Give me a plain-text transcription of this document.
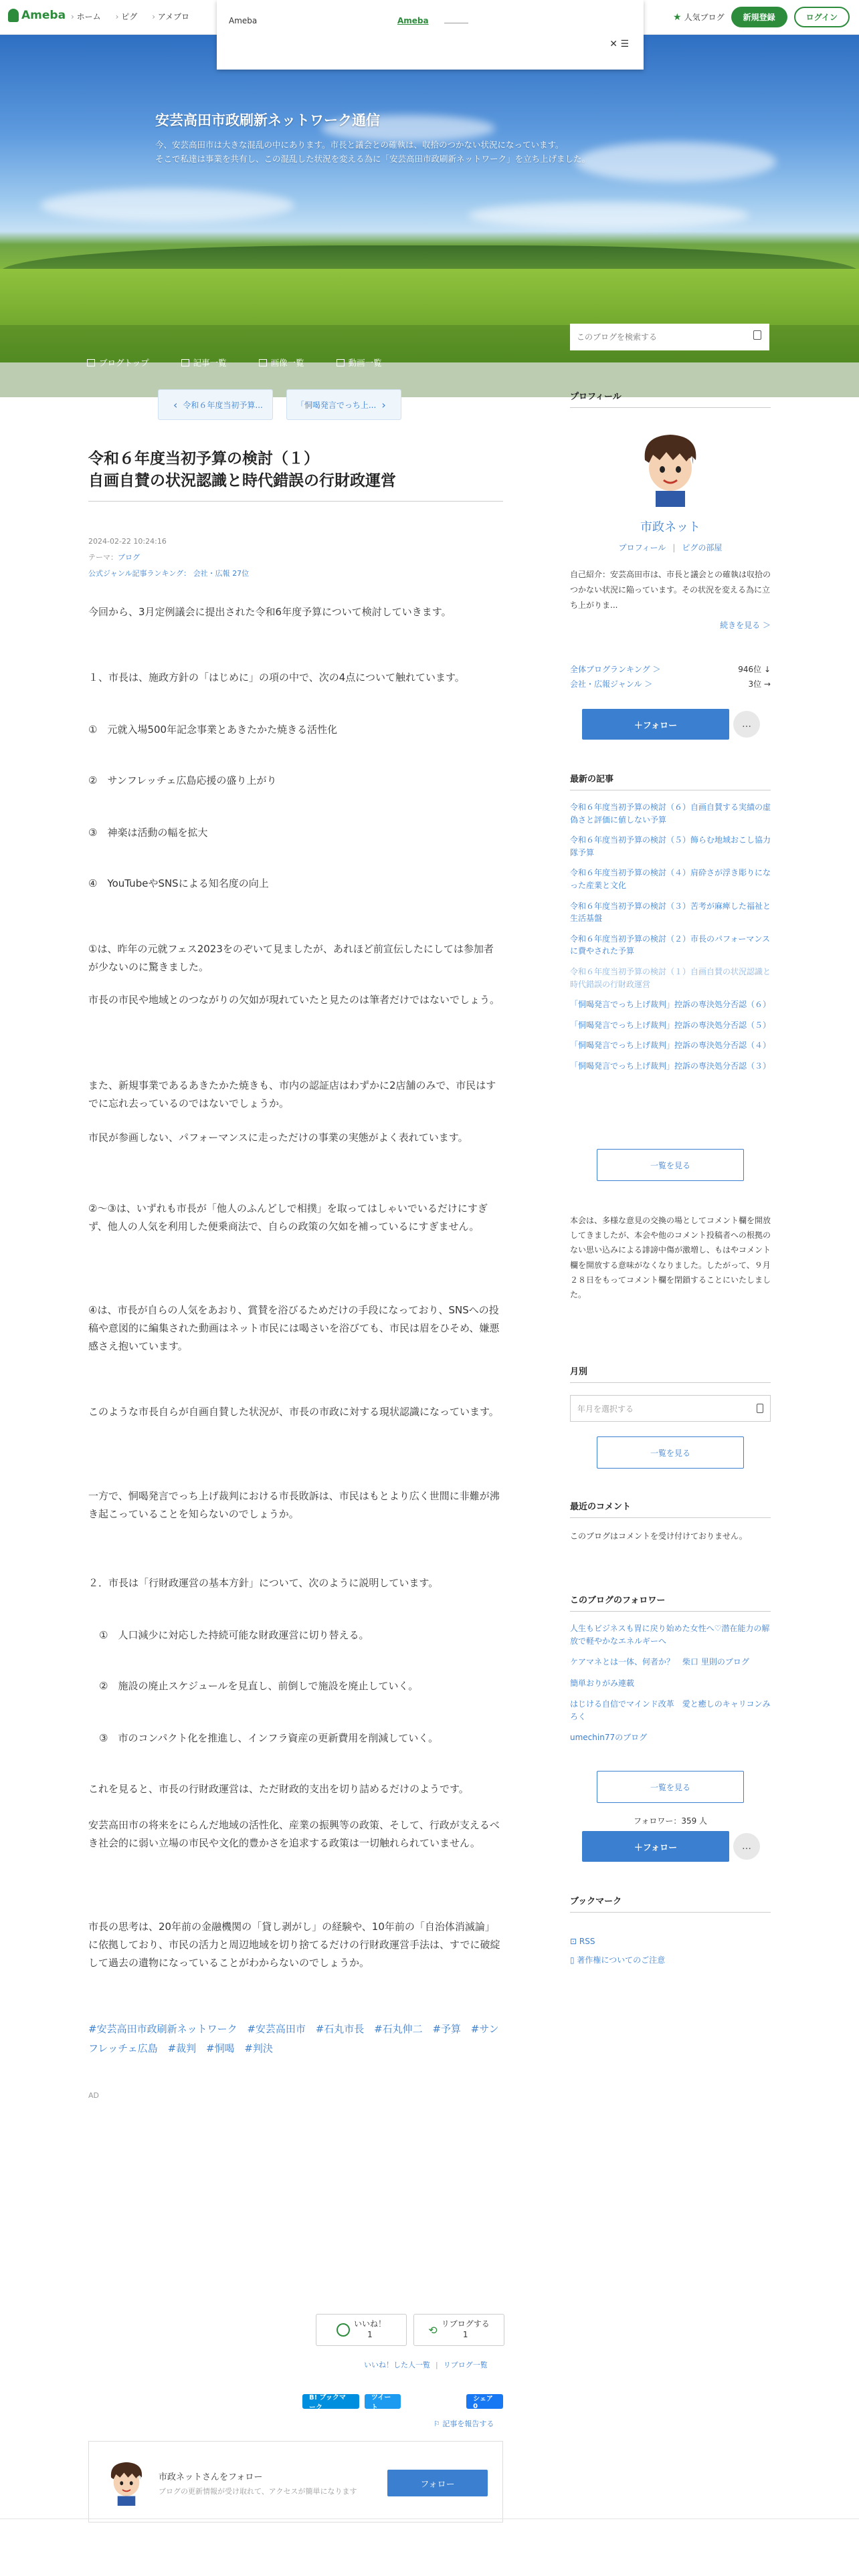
Ameba	› ホーム	› ピグ	› アメブロ	★ 人気ブログ	新規登録	ログイン
Ameba	Ameba
✕ ☰
安芸高田市政刷新ネットワーク通信
今、安芸高田市は大きな混乱の中にあります。市長と議会との確執は、収拾のつかない状況になっています。
そこで私達は事業を共有し、この混乱した状況を変える為に「安芸高田市政刷新ネットワーク」を立ち上げました。
ブログトップ	記事一覧	画像一覧	動画一覧
このブログを検索する
‹ 令和６年度当初予算...	「恫喝発言でっち上... ›
令和６年度当初予算の検討（１）
自画自賛の状況認識と時代錯誤の行財政運営
2024-02-22 10:24:16
テーマ：ブログ
公式ジャンル記事ランキング： 会社・広報 27位

今回から、3月定例議会に提出された令和6年度予算について検討していきます。

１、市長は、施政方針の「はじめに」の項の中で、次の4点について触れています。

①　元就入場500年記念事業とあきたかた焼きる活性化

②　サンフレッチェ広島応援の盛り上がり

③　神楽は活動の幅を拡大

④　YouTubeやSNSによる知名度の向上

①は、昨年の元就フェス2023をのぞいて見ましたが、あれほど前宣伝したにしては参加者が少ないのに驚きました。

市長の市民や地域とのつながりの欠如が現れていたと見たのは筆者だけではないでしょう。

また、新規事業であるあきたかた焼きも、市内の認証店はわずかに2店舗のみで、市民はすでに忘れ去っているのではないでしょうか。

市民が参画しない、パフォーマンスに走っただけの事業の実態がよく表れています。

②〜③は、いずれも市長が「他人のふんどしで相撲」を取ってはしゃいでいるだけにすぎず、他人の人気を利用した便乗商法で、自らの政策の欠如を補っているにすぎません。

④は、市長が自らの人気をあおり、賞賛を浴びるためだけの手段になっており、SNSへの投稿や意図的に編集された動画はネット市民には喝さいを浴びても、市民は眉をひそめ、嫌悪感さえ抱いています。

このような市長自らが自画自賛した状況が、市長の市政に対する現状認識になっています。

一方で、恫喝発言でっち上げ裁判における市長敗訴は、市民はもとより広く世間に非難が沸き起こっていることを知らないのでしょうか。

２．市長は「行財政運営の基本方針」について、次のように説明しています。

①　人口減少に対応した持続可能な財政運営に切り替える。

②　施設の廃止スケジュールを見直し、前倒しで施設を廃止していく。

③　市のコンパクト化を推進し、インフラ資産の更新費用を削減していく。

これを見ると、市長の行財政運営は、ただ財政的支出を切り詰めるだけのようです。

安芸高田市の将来をにらんだ地域の活性化、産業の振興等の政策、そして、行政が支えるべき社会的に弱い立場の市民や文化的豊かさを追求する政策は一切触れられていません。

市長の思考は、20年前の金融機関の「貸し剥がし」の経験や、10年前の「自治体消滅論」に依拠しており、市民の活力と周辺地域を切り捨てるだけの行財政運営手法は、すでに破綻して過去の遺物になっていることがわからないのでしょうか。

#安芸高田市政刷新ネットワーク #安芸高田市 #石丸市長 #石丸伸二 #予算 #サンフレッチェ広島 #裁判 #恫喝 #判決
AD
いいね！
1	⟲ リブログする
1
いいね！した人一覧 | リブログ一覧
B! ブックマーク
ツイート
シェア 0
⚐ 記事を報告する
市政ネットさんをフォロー
ブログの更新情報が受け取れて、アクセスが簡単になります
フォロー
プロフィール
市政ネット
プロフィール | ピグの部屋
自己紹介：安芸高田市は、市長と議会との確執は収拾のつかない状況に陥っています。その状況を変える為に立ち上がりま...
続きを見る ＞
全体ブログランキング ＞	946位 ↓
会社・広報ジャンル ＞	3位 →
＋フォロー	…
最新の記事
令和６年度当初予算の検討（６）自画自賛する実績の虚偽さと評価に値しない予算
令和６年度当初予算の検討（５）飾らむ地域おこし協力隊予算
令和６年度当初予算の検討（４）肩砕さが浮き彫りになった産業と文化
令和６年度当初予算の検討（３）苦考が麻痺した福祉と生活基盤
令和６年度当初予算の検討（２）市長のパフォーマンスに費やされた予算
令和６年度当初予算の検討（１）自画自賛の状況認識と時代錯誤の行財政運営
「恫喝発言でっち上げ裁判」控訴の専決処分否認（６）
「恫喝発言でっち上げ裁判」控訴の専決処分否認（５）
「恫喝発言でっち上げ裁判」控訴の専決処分否認（４）
「恫喝発言でっち上げ裁判」控訴の専決処分否認（３）
一覧を見る
本会は、多様な意見の交換の場としてコメント欄を開放してきましたが、本会や他のコメント投稿者への根拠のない思い込みによる誹謗中傷が激増し、もはやコメント欄を開放する意味がなくなりました。したがって、９月２８日をもってコメント欄を閉鎖することにいたしました。
月別
年月を選択する
一覧を見る
最近のコメント
このブログはコメントを受け付けておりません。
このブログのフォロワー
人生もビジネスも胃に戻り始めた女性へ♡潜在能力の解放で軽やかなエネルギーへ
ケアマネとは一体、何者か？　柴口 里則のブログ
簡単おりがみ連載
はじける自信でマインド改革　愛と癒しのキャリコンみろく
umechin77のブログ
一覧を見る
フォロワー：359 人
＋フォロー	…
ブックマーク
⊡ RSS
▯ 著作権についてのご注意
